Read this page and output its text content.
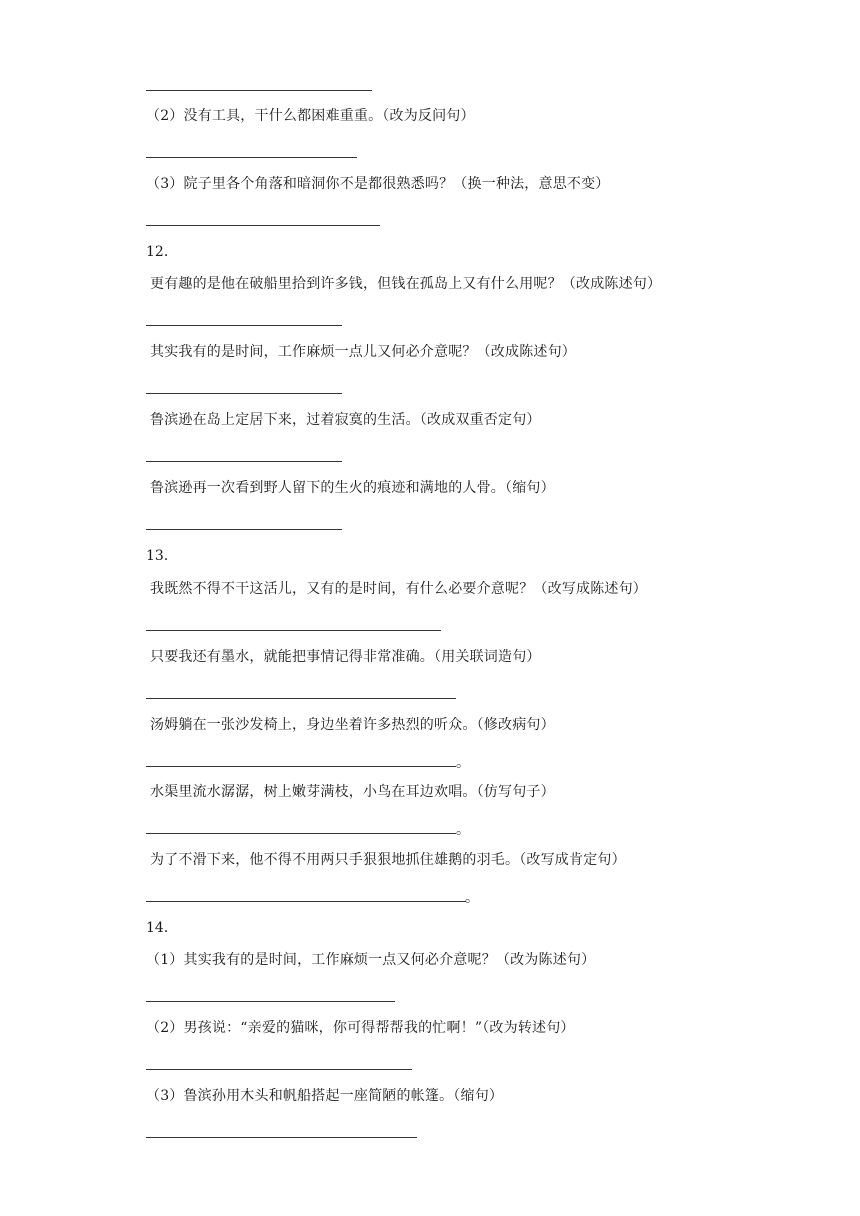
（2）没有工具，干什么都困难重重。（改为反问句）
（3）院子里各个角落和暗洞你不是都很熟悉吗？（换一种法，意思不变）
12．
更有趣的是他在破船里拾到许多钱，但钱在孤岛上又有什么用呢？（改成陈述句）
其实我有的是时间，工作麻烦一点儿又何必介意呢？（改成陈述句）
鲁滨逊在岛上定居下来，过着寂寞的生活。（改成双重否定句）
鲁滨逊再一次看到野人留下的生火的痕迹和满地的人骨。（缩句）
13．
我既然不得不干这活儿，又有的是时间，有什么必要介意呢？（改写成陈述句）
只要我还有墨水，就能把事情记得非常准确。（用关联词造句）
汤姆躺在一张沙发椅上，身边坐着许多热烈的听众。（修改病句）
。
水渠里流水潺潺，树上嫩芽满枝，小鸟在耳边欢唱。（仿写句子）
。
为了不滑下来，他不得不用两只手狠狠地抓住雄鹅的羽毛。（改写成肯定句）
。
14．
（1）其实我有的是时间，工作麻烦一点又何必介意呢？（改为陈述句）
（2）男孩说：“亲爱的猫咪，你可得帮帮我的忙啊！”（改为转述句）
（3）鲁滨孙用木头和帆船搭起一座简陋的帐篷。（缩句）
